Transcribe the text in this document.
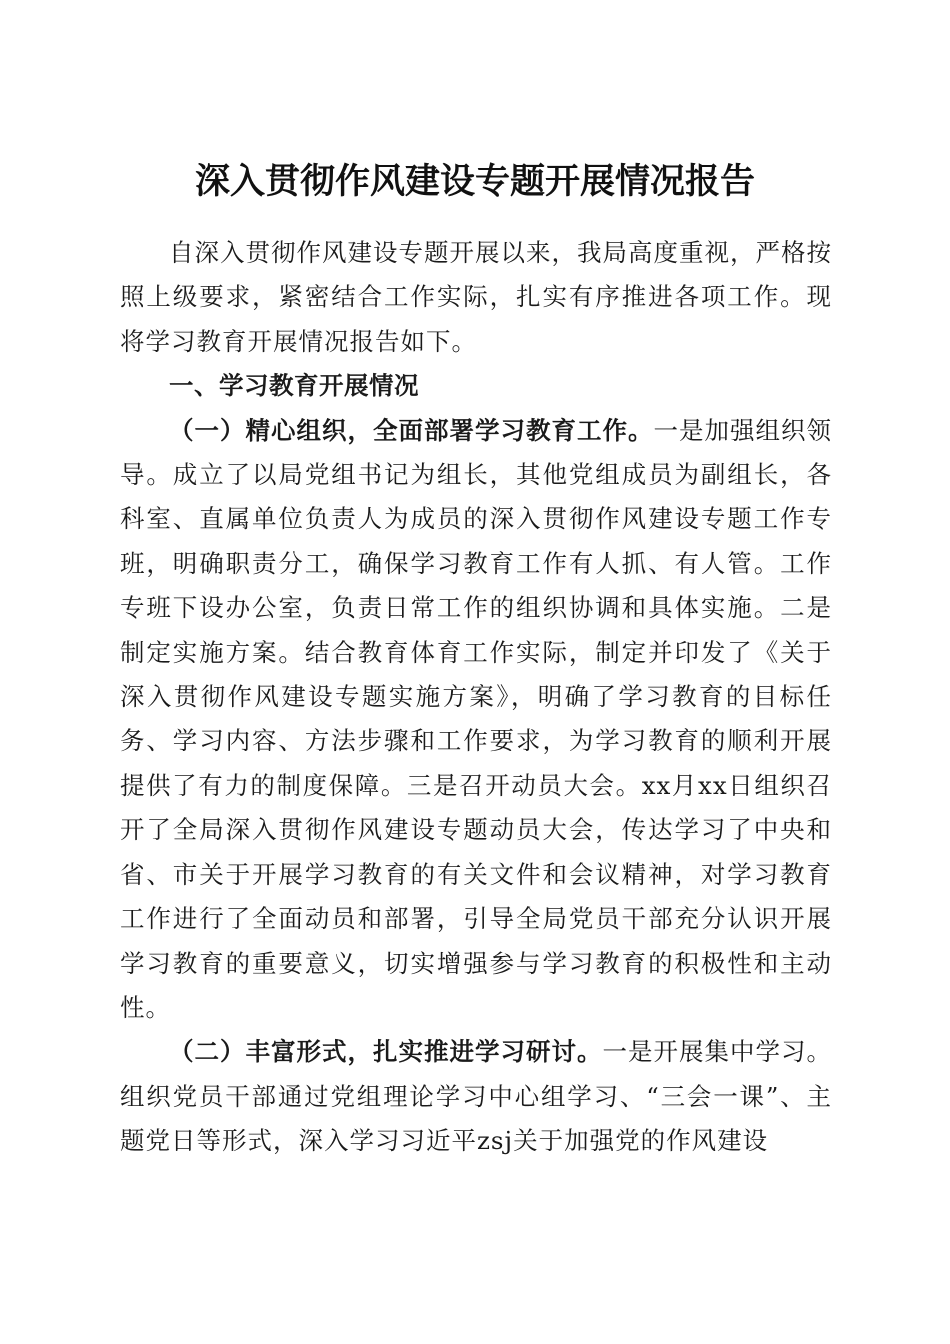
深入贯彻作风建设专题开展情况报告

自深入贯彻作风建设专题开展以来，我局高度重视，严格按照上级要求，紧密结合工作实际，扎实有序推进各项工作。现将学习教育开展情况报告如下。

一、学习教育开展情况

（一）精心组织，全面部署学习教育工作。一是加强组织领导。成立了以局党组书记为组长，其他党组成员为副组长，各科室、直属单位负责人为成员的深入贯彻作风建设专题工作专班，明确职责分工，确保学习教育工作有人抓、有人管。工作专班下设办公室，负责日常工作的组织协调和具体实施。二是制定实施方案。结合教育体育工作实际，制定并印发了《关于深入贯彻作风建设专题实施方案》，明确了学习教育的目标任务、学习内容、方法步骤和工作要求，为学习教育的顺利开展提供了有力的制度保障。三是召开动员大会。xx月xx日组织召开了全局深入贯彻作风建设专题动员大会，传达学习了中央和省、市关于开展学习教育的有关文件和会议精神，对学习教育工作进行了全面动员和部署，引导全局党员干部充分认识开展学习教育的重要意义，切实增强参与学习教育的积极性和主动性。

（二）丰富形式，扎实推进学习研讨。一是开展集中学习。组织党员干部通过党组理论学习中心组学习、“三会一课”、主题党日等形式，深入学习习近平zsj关于加强党的作风建设
